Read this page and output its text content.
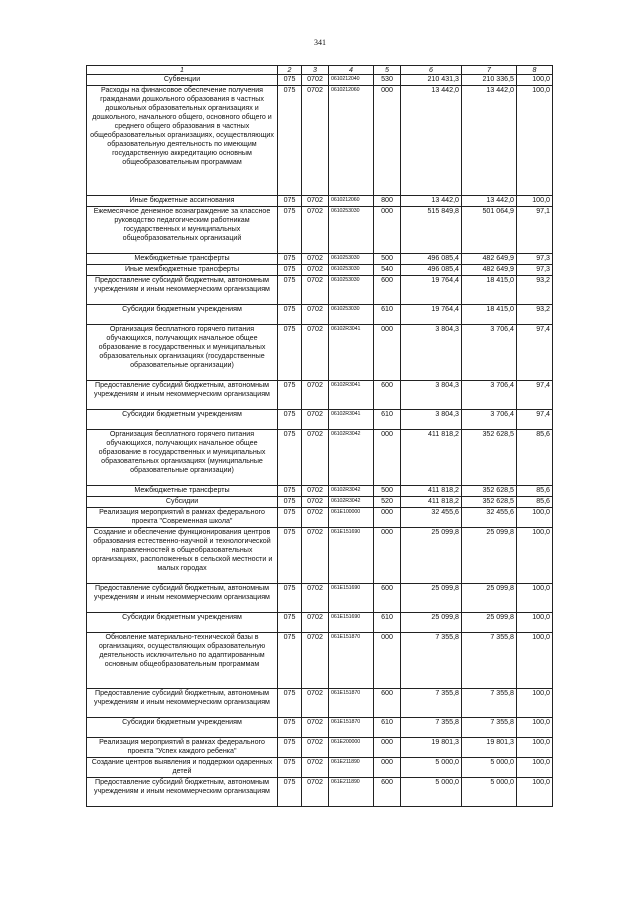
341
1	2	3	4	5	6	7	8
Субвенции	075	0702	0610212040	530	210 431,3	210 336,5	100,0
Расходы на финансовое обеспечение получения гражданами дошкольного образования в частных дошкольных образовательных организациях и дошкольного, начального общего, основного общего и среднего общего образования в частных общеобразовательных организациях, осуществляющих образовательную деятельность по имеющим государственную аккредитацию основным общеобразовательным программам	075	0702	0610212060	000	13 442,0	13 442,0	100,0
Иные бюджетные ассигнования	075	0702	0610212060	800	13 442,0	13 442,0	100,0
Ежемесячное денежное вознаграждение за классное руководство педагогическим работникам государственных и муниципальных общеобразовательных организаций	075	0702	0610253030	000	515 849,8	501 064,9	97,1
Межбюджетные трансферты	075	0702	0610253030	500	496 085,4	482 649,9	97,3
Иные межбюджетные трансферты	075	0702	0610253030	540	496 085,4	482 649,9	97,3
Предоставление субсидий бюджетным, автономным учреждениям и иным некоммерческим организациям	075	0702	0610253030	600	19 764,4	18 415,0	93,2
Субсидии бюджетным учреждениям	075	0702	0610253030	610	19 764,4	18 415,0	93,2
Организация бесплатного горячего питания обучающихся, получающих начальное общее образование в государственных и муниципальных образовательных организациях (государственные образовательные организации)	075	0702	06102R3041	000	3 804,3	3 706,4	97,4
Предоставление субсидий бюджетным, автономным учреждениям и иным некоммерческим организациям	075	0702	06102R3041	600	3 804,3	3 706,4	97,4
Субсидии бюджетным учреждениям	075	0702	06102R3041	610	3 804,3	3 706,4	97,4
Организация бесплатного горячего питания обучающихся, получающих начальное общее образование в государственных и муниципальных образовательных организациях (муниципальные образовательные организации)	075	0702	06102R3042	000	411 818,2	352 628,5	85,6
Межбюджетные трансферты	075	0702	06102R3042	500	411 818,2	352 628,5	85,6
Субсидии	075	0702	06102R3042	520	411 818,2	352 628,5	85,6
Реализация мероприятий в рамках федерального проекта "Современная школа"	075	0702	061E100000	000	32 455,6	32 455,6	100,0
Создание и обеспечение функционирования центров образования естественно-научной и технологической направленностей в общеобразовательных организациях, расположенных в сельской местности и малых городах	075	0702	061E151690	000	25 099,8	25 099,8	100,0
Предоставление субсидий бюджетным, автономным учреждениям и иным некоммерческим организациям	075	0702	061E151690	600	25 099,8	25 099,8	100,0
Субсидии бюджетным учреждениям	075	0702	061E151690	610	25 099,8	25 099,8	100,0
Обновление материально-технической базы в организациях, осуществляющих образовательную деятельность исключительно по адаптированным основным общеобразовательным программам	075	0702	061E151870	000	7 355,8	7 355,8	100,0
Предоставление субсидий бюджетным, автономным учреждениям и иным некоммерческим организациям	075	0702	061E151870	600	7 355,8	7 355,8	100,0
Субсидии бюджетным учреждениям	075	0702	061E151870	610	7 355,8	7 355,8	100,0
Реализация мероприятий в рамках федерального проекта "Успех каждого ребенка"	075	0702	061E200000	000	19 801,3	19 801,3	100,0
Создание центров выявления и поддержки одаренных детей	075	0702	061E211890	000	5 000,0	5 000,0	100,0
Предоставление субсидий бюджетным, автономным учреждениям и иным некоммерческим организациям	075	0702	061E211890	600	5 000,0	5 000,0	100,0
